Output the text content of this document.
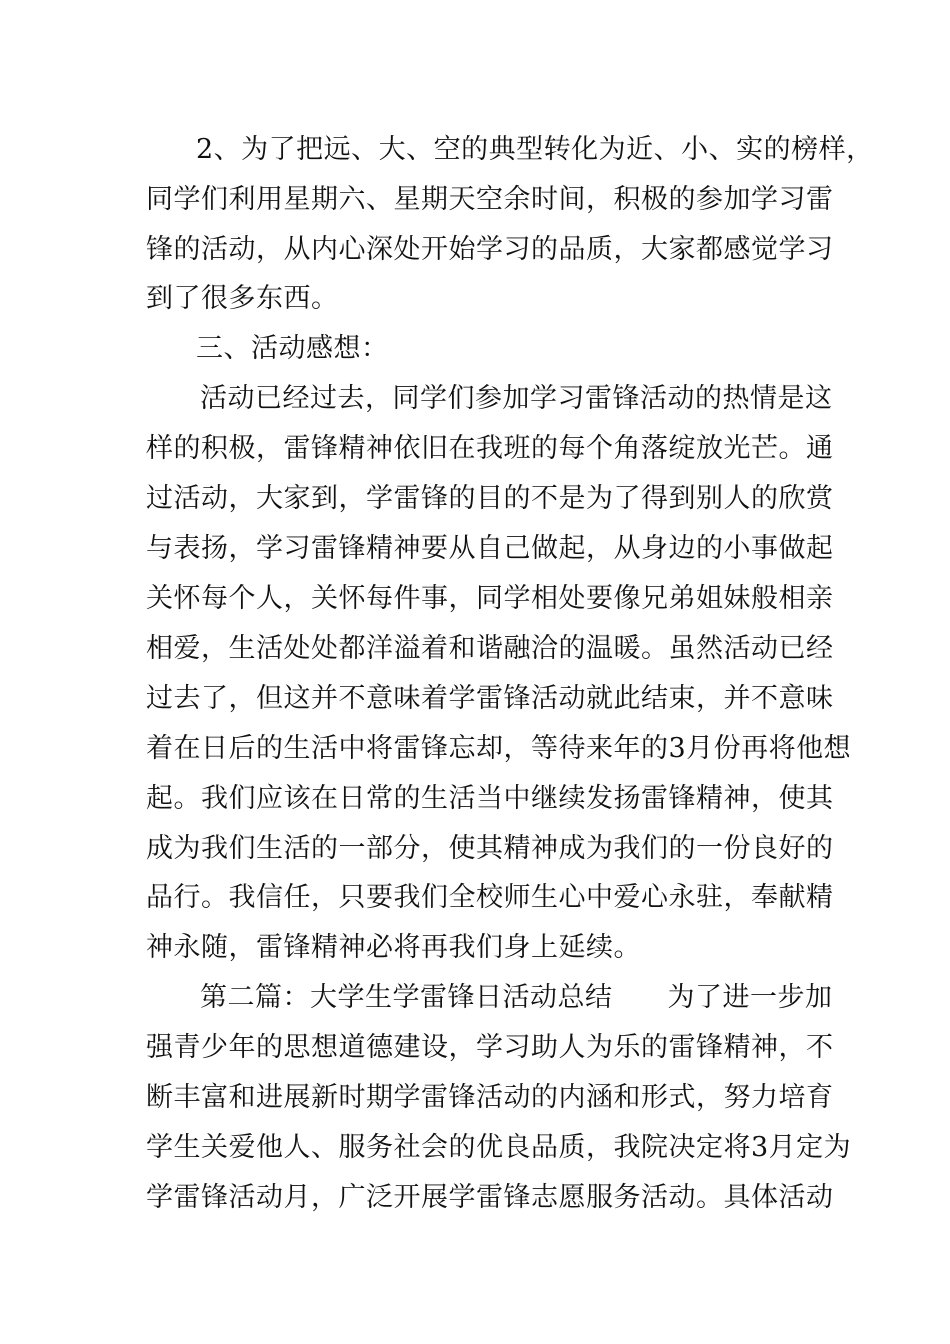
2、为了把远、大、空的典型转化为近、小、实的榜样，

同学们利用星期六、星期天空余时间，积极的参加学习雷

锋的活动，从内心深处开始学习的品质，大家都感觉学习

到了很多东西。

三、活动感想：

活动已经过去，同学们参加学习雷锋活动的热情是这

样的积极，雷锋精神依旧在我班的每个角落绽放光芒。通

过活动，大家到，学雷锋的目的不是为了得到别人的欣赏

与表扬，学习雷锋精神要从自己做起，从身边的小事做起

关怀每个人，关怀每件事，同学相处要像兄弟姐妹般相亲

相爱，生活处处都洋溢着和谐融洽的温暖。虽然活动已经

过去了，但这并不意味着学雷锋活动就此结束，并不意味

着在日后的生活中将雷锋忘却，等待来年的3月份再将他想

起。我们应该在日常的生活当中继续发扬雷锋精神，使其

成为我们生活的一部分，使其精神成为我们的一份良好的

品行。我信任，只要我们全校师生心中爱心永驻，奉献精

神永随，雷锋精神必将再我们身上延续。

第二篇：大学生学雷锋日活动总结　　为了进一步加

强青少年的思想道德建设，学习助人为乐的雷锋精神，不

断丰富和进展新时期学雷锋活动的内涵和形式，努力培育

学生关爱他人、服务社会的优良品质，我院决定将3月定为

学雷锋活动月，广泛开展学雷锋志愿服务活动。具体活动
